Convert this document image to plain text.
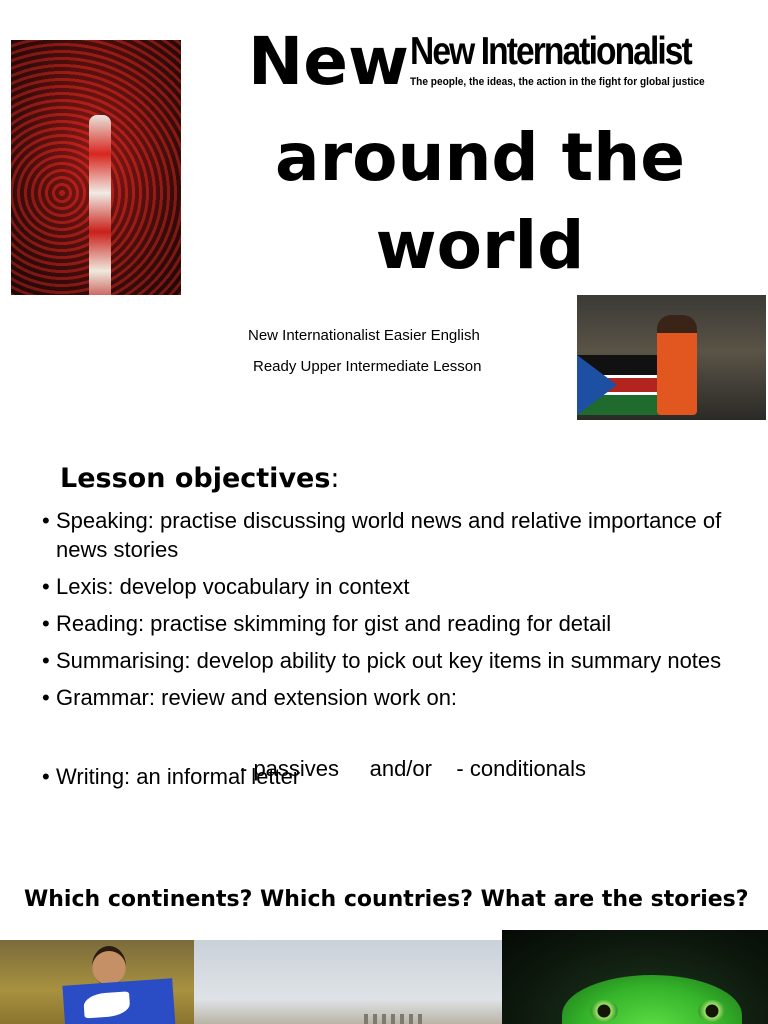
New
around the world
New Internationalist
The people, the ideas, the action in the fight for global justice
New Internationalist Easier English
Ready Upper Intermediate Lesson
Lesson objectives:
• Speaking: practise discussing world news and relative importance of news stories
• Lexis: develop vocabulary in context
• Reading: practise skimming for gist and reading for detail
• Summarising: develop ability to pick out key items in summary notes
• Grammar: review and extension work on:
• Writing: an informal letter
- passives     and/or    - conditionals
Which continents? Which countries? What are the stories?
